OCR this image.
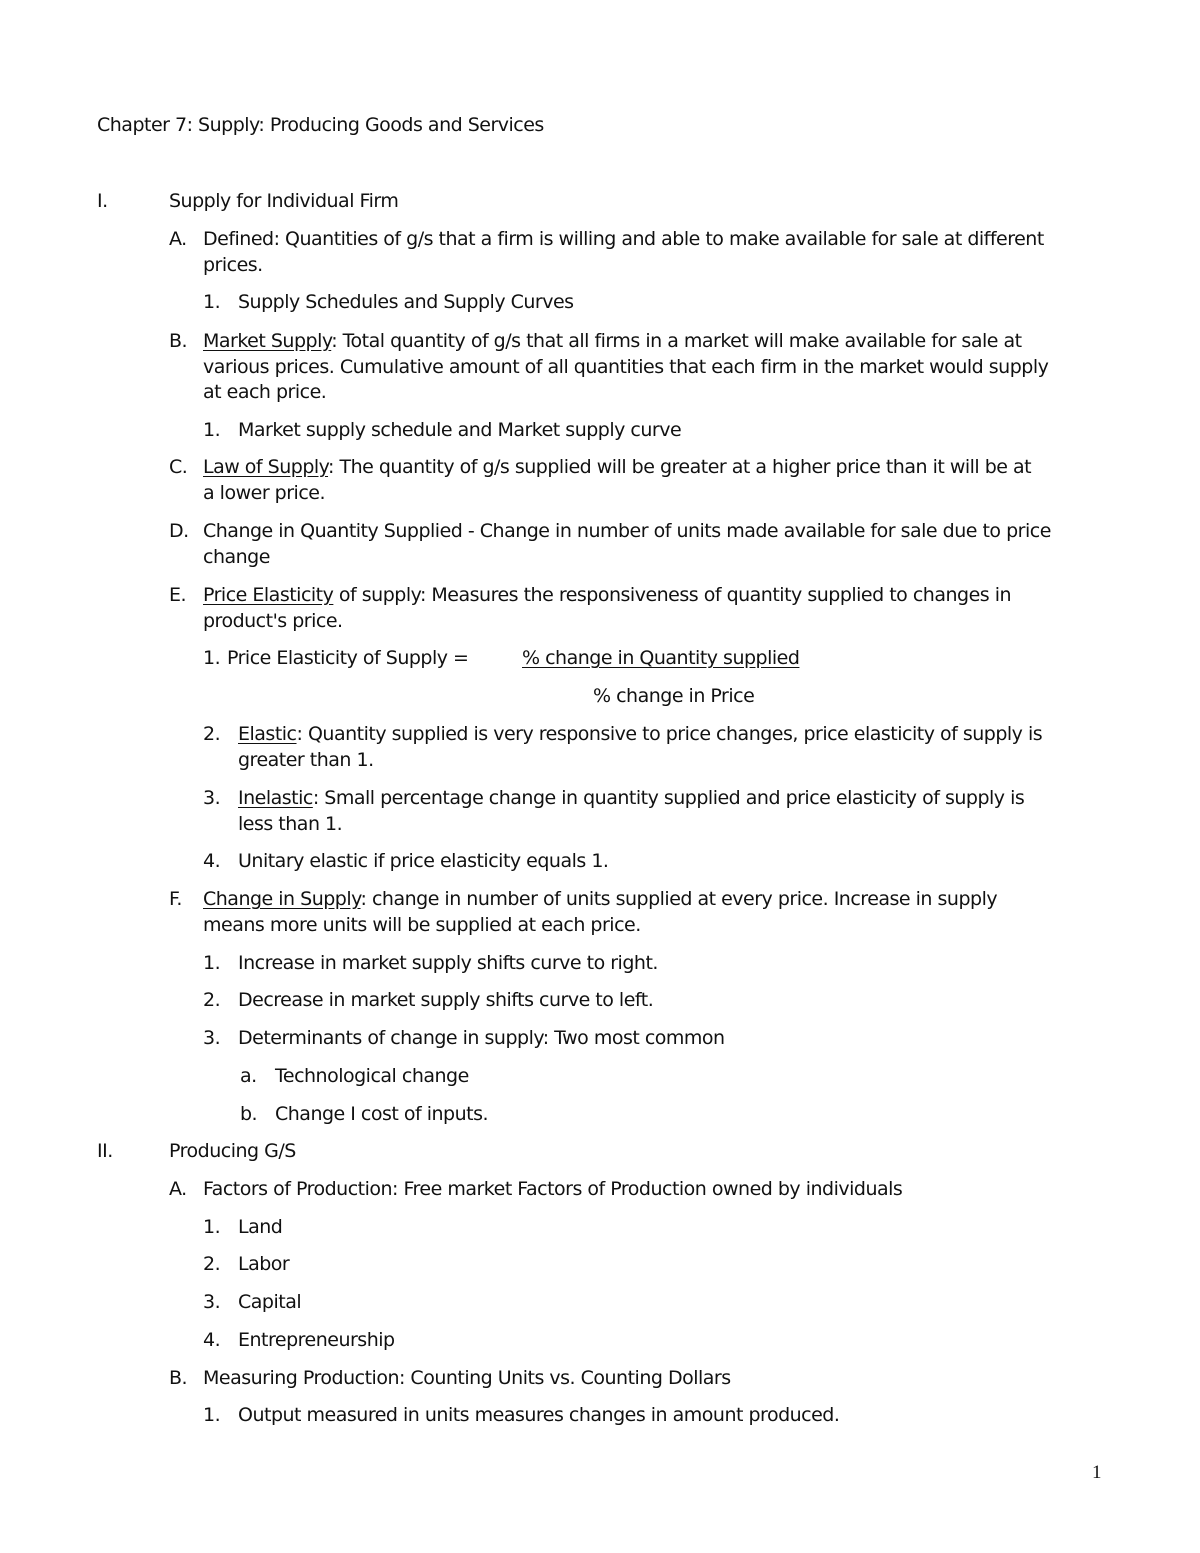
Chapter 7: Supply: Producing Goods and Services
I.	Supply for Individual Firm
A. Defined: Quantities of g/s that a firm is willing and able to make available for sale at different
prices.
1. Supply Schedules and Supply Curves
B. Market Supply: Total quantity of g/s that all firms in a market will make available for sale at
various prices. Cumulative amount of all quantities that each firm in the market would supply
at each price.
1. Market supply schedule and Market supply curve
C. Law of Supply: The quantity of g/s supplied will be greater at a higher price than it will be at
a lower price.
D. Change in Quantity Supplied - Change in number of units made available for sale due to price
change
E. Price Elasticity of supply: Measures the responsiveness of quantity supplied to changes in
product's price.
1. Price Elasticity of Supply =	% change in Quantity supplied
% change in Price
2. Elastic: Quantity supplied is very responsive to price changes, price elasticity of supply is
greater than 1.
3. Inelastic: Small percentage change in quantity supplied and price elasticity of supply is
less than 1.
4. Unitary elastic if price elasticity equals 1.
F. Change in Supply: change in number of units supplied at every price. Increase in supply
means more units will be supplied at each price.
1. Increase in market supply shifts curve to right.
2. Decrease in market supply shifts curve to left.
3. Determinants of change in supply: Two most common
a. Technological change
b. Change I cost of inputs.
II.	Producing G/S
A. Factors of Production: Free market Factors of Production owned by individuals
1. Land
2. Labor
3. Capital
4. Entrepreneurship
B. Measuring Production: Counting Units vs. Counting Dollars
1. Output measured in units measures changes in amount produced.
1
